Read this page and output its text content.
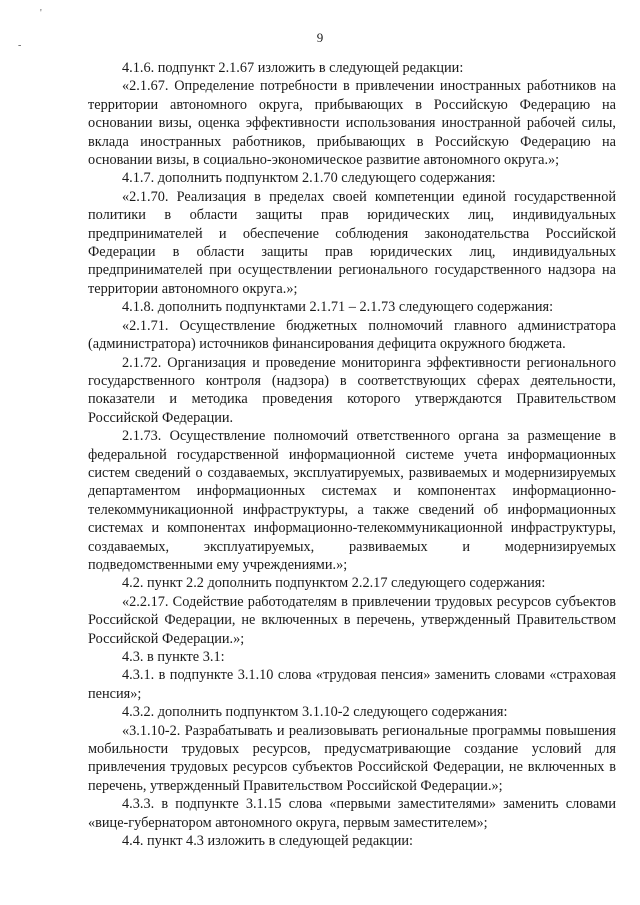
'
-
9

4.1.6. подпункт 2.1.67 изложить в следующей редакции:

«2.1.67. Определение потребности в привлечении иностранных работников на территории автономного округа, прибывающих в Российскую Федерацию на основании визы, оценка эффективности использования иностранной рабочей силы, вклада иностранных работников, прибывающих в Российскую Федерацию на основании визы, в социально-экономическое развитие автономного округа.»;

4.1.7. дополнить подпунктом 2.1.70 следующего содержания:

«2.1.70. Реализация в пределах своей компетенции единой государственной политики в области защиты прав юридических лиц, индивидуальных предпринимателей и обеспечение соблюдения законодательства Российской Федерации в области защиты прав юридических лиц, индивидуальных предпринимателей при осуществлении регионального государственного надзора на территории автономного округа.»;

4.1.8. дополнить подпунктами 2.1.71 – 2.1.73 следующего содержания:

«2.1.71. Осуществление бюджетных полномочий главного администратора (администратора) источников финансирования дефицита окружного бюджета.

2.1.72. Организация и проведение мониторинга эффективности регионального государственного контроля (надзора) в соответствующих сферах деятельности, показатели и методика проведения которого утверждаются Правительством Российской Федерации.

2.1.73. Осуществление полномочий ответственного органа за размещение в федеральной государственной информационной системе учета информационных систем сведений о создаваемых, эксплуатируемых, развиваемых и модернизируемых департаментом информационных системах и компонентах информационно-телекоммуникационной инфраструктуры, а также сведений об информационных системах и компонентах информационно-телекоммуникационной инфраструктуры, создаваемых, эксплуатируемых, развиваемых и модернизируемых подведомственными ему учреждениями.»;

4.2. пункт 2.2 дополнить подпунктом 2.2.17 следующего содержания:

«2.2.17. Содействие работодателям в привлечении трудовых ресурсов субъектов Российской Федерации, не включенных в перечень, утвержденный Правительством Российской Федерации.»;

4.3. в пункте 3.1:

4.3.1. в подпункте 3.1.10 слова «трудовая пенсия» заменить словами «страховая пенсия»;

4.3.2. дополнить подпунктом 3.1.10-2 следующего содержания:

«3.1.10-2. Разрабатывать и реализовывать региональные программы повышения мобильности трудовых ресурсов, предусматривающие создание условий для привлечения трудовых ресурсов субъектов Российской Федерации, не включенных в перечень, утвержденный Правительством Российской Федерации.»;

4.3.3. в подпункте 3.1.15 слова «первыми заместителями» заменить словами «вице-губернатором автономного округа, первым заместителем»;

4.4. пункт 4.3 изложить в следующей редакции:
